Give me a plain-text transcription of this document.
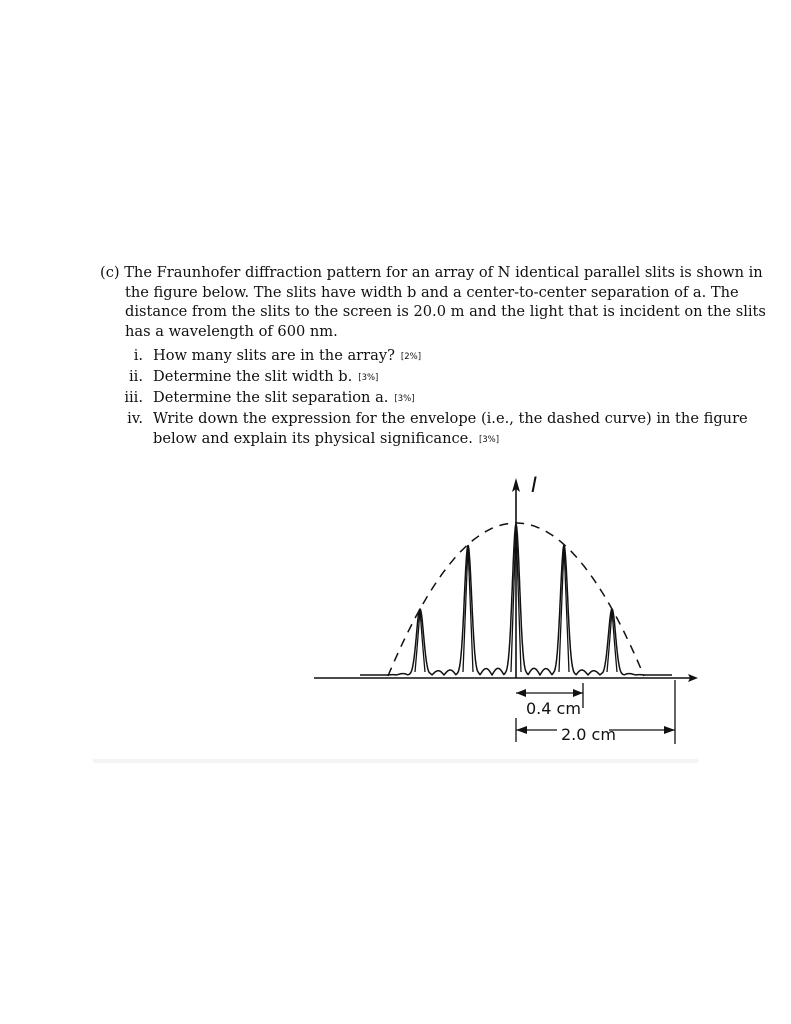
(c) The Fraunhofer diffraction pattern for an array of N identical parallel slits is shown in
the figure below. The slits have width b and a center-to-center separation of a. The
distance from the slits to the screen is 20.0 m and the light that is incident on the slits
has a wavelength of 600 nm.
i. How many slits are in the array? [2%]
ii. Determine the slit width b. [3%]
iii. Determine the slit separation a. [3%]
iv. Write down the expression for the envelope (i.e., the dashed curve) in the figure
below and explain its physical significance. [3%]
I
0.4 cm
2.0 cm
